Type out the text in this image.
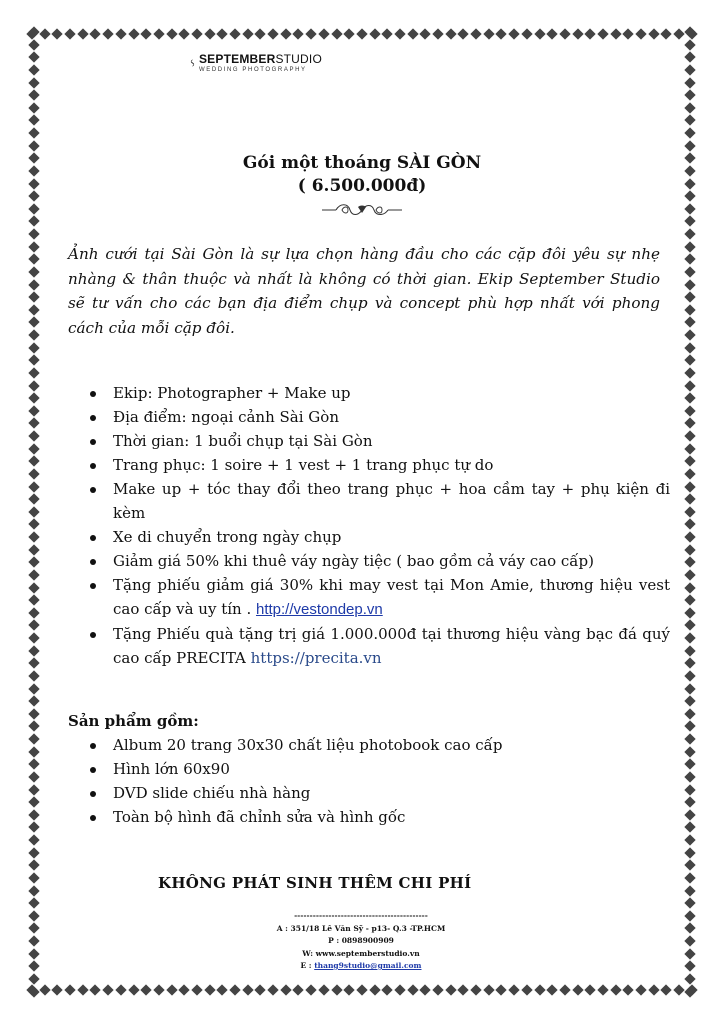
SEPTEMBERSTUDIO
WEDDING PHOTOGRAPHY
Gói một thoáng SÀI GÒN
( 6.500.000đ)
Ảnh cưới tại Sài Gòn là sự lựa chọn hàng đầu cho các cặp đôi yêu sự nhẹ nhàng & thân thuộc và nhất là không có thời gian. Ekip September Studio sẽ tư vấn cho các bạn địa điểm chụp và concept phù hợp nhất với phong cách của mỗi cặp đôi.
Ekip: Photographer + Make up
Địa điểm: ngoại cảnh Sài Gòn
Thời gian: 1 buổi chụp tại Sài Gòn
Trang phục: 1 soire + 1 vest + 1 trang phục tự do
Make up + tóc thay đổi theo trang phục + hoa cầm tay + phụ kiện đi kèm
Xe di chuyển trong ngày chụp
Giảm giá 50% khi thuê váy ngày tiệc ( bao gồm cả váy cao cấp)
Tặng phiếu giảm giá 30% khi may vest tại Mon Amie, thương hiệu vest cao cấp và uy tín . http://vestondep.vn
Tặng Phiếu quà tặng trị giá 1.000.000đ tại thương hiệu vàng bạc đá quý cao cấp PRECITA https://precita.vn
Sản phẩm gồm:
Album 20 trang 30x30 chất liệu photobook cao cấp
Hình lớn 60x90
DVD slide chiếu nhà hàng
Toàn bộ hình đã chỉnh sửa và hình gốc
KHÔNG PHÁT SINH THÊM CHI PHÍ
-------------------------------------------
A : 351/18 Lê Văn Sỹ - p13- Q.3 -TP.HCM
P : 0898900909
W: www.septemberstudio.vn
E : thang9studio@gmail.com
